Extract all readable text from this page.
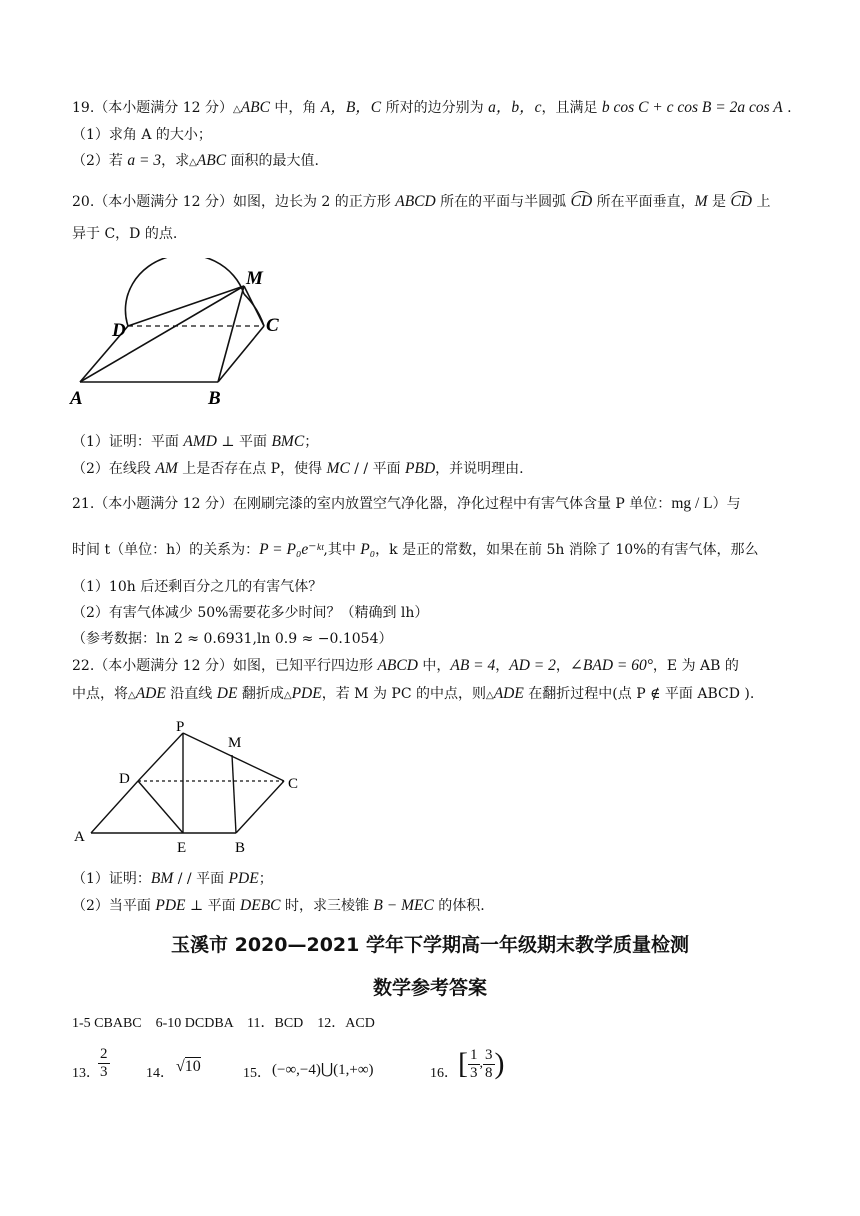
19.（本小题满分 12 分）△ABC 中，角 A，B，C 所对的边分别为 a，b，c，且满足 b cos C + c cos B = 2a cos A .
（1）求角 A 的大小；
（2）若 a = 3，求△ABC 面积的最大值.
20.（本小题满分 12 分）如图，边长为 2 的正方形 ABCD 所在的平面与半圆弧 CD 所在平面垂直，M 是 CD 上
异于 C，D 的点.
M
D	C
A	B
（1）证明：平面 AMD ⊥ 平面 BMC；
（2）在线段 AM 上是否存在点 P，使得 MC / / 平面 PBD，并说明理由.
21.（本小题满分 12 分）在刚刷完漆的室内放置空气净化器，净化过程中有害气体含量 P 单位：mg / L）与
时间 t（单位：h）的关系为：P = P₀e⁻ᵏᵗ,其中 P₀，k 是正的常数，如果在前 5h 消除了 10%的有害气体，那么
（1）10h 后还剩百分之几的有害气体？
（2）有害气体减少 50%需要花多少时间？（精确到 lh）
（参考数据：ln 2 ≈ 0.6931,ln 0.9 ≈ −0.1054）
22.（本小题满分 12 分）如图，已知平行四边形 ABCD 中，AB = 4，AD = 2，∠BAD = 60°，E 为 AB 的
中点，将△ADE 沿直线 DE 翻折成△PDE，若 M 为 PC 的中点，则△ADE 在翻折过程中(点 P ∉ 平面 ABCD ).
P
M
D	C
A
E	B
（1）证明：BM / / 平面 PDE；
（2）当平面 PDE ⊥ 平面 DEBC 时，求三棱锥 B − MEC 的体积.
玉溪市 2020—2021 学年下学期高一年级期末教学质量检测
数学参考答案
1-5 CBABC    6-10 DCDBA    11．BCD    12．ACD
13．
$\frac{2}{3}$	14． √10	15． (−∞,−4)⋃(1,+∞)	16． [ $\frac{1}{3}$ , $\frac{3}{8}$ )
